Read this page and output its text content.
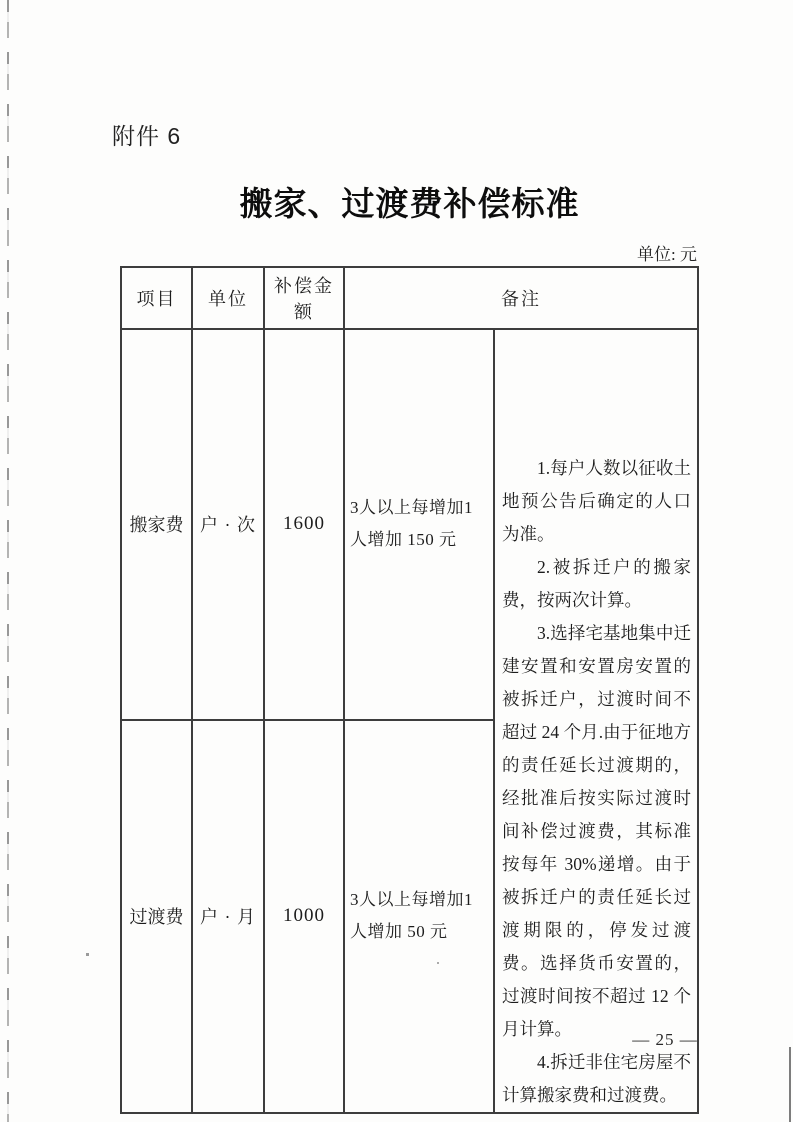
附件 6
搬家、过渡费补偿标准
单位: 元
项目	单位	补偿金额	备注	
搬家费	户 · 次	1600	3人以上每增加1人增加 150 元	1.每户人数以征收土地预公告后确定的人口为准。

2.被拆迁户的搬家费，按两次计算。

3.选择宅基地集中迁建安置和安置房安置的被拆迁户，过渡时间不超过 24 个月.由于征地方的责任延长过渡期的，经批准后按实际过渡时间补偿过渡费，其标准按每年 30%递增。由于被拆迁户的责任延长过渡期限的，停发过渡费。选择货币安置的，过渡时间按不超过 12 个月计算。

4.拆迁非住宅房屋不计算搬家费和过渡费。

过渡费	户 · 月	1000	3人以上每增加1人增加 50 元	
— 25 —
